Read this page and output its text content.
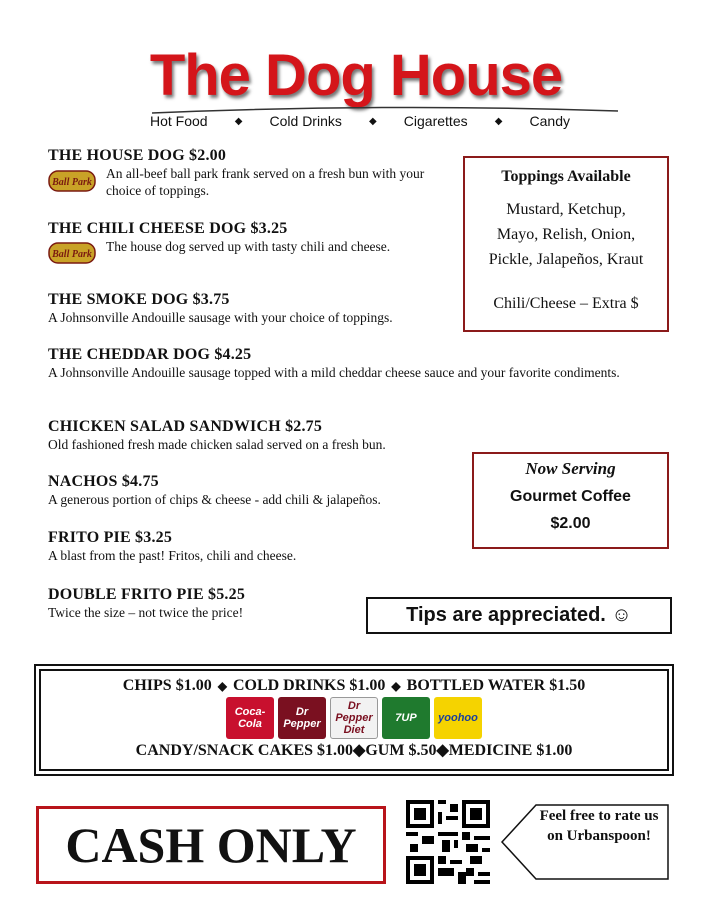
The Dog House
Hot Food	◆ Cold Drinks	◆ Cigarettes	◆ Candy
THE HOUSE DOG $2.00
Ball Park
An all-beef ball park frank served on a fresh bun with your choice of toppings.
THE CHILI CHEESE DOG $3.25
Ball Park
The house dog served up with tasty chili and cheese.
THE SMOKE DOG $3.75
A Johnsonville Andouille sausage with your choice of toppings.
THE CHEDDAR DOG $4.25
A Johnsonville Andouille sausage topped with a mild cheddar cheese sauce and your favorite condiments.
CHICKEN SALAD SANDWICH $2.75
Old fashioned fresh made chicken salad served on a fresh bun.
NACHOS $4.75
A generous portion of chips & cheese - add chili & jalapeños.
FRITO PIE $3.25
A blast from the past! Fritos, chili and cheese.
DOUBLE FRITO PIE $5.25
Twice the size – not twice the price!
Toppings Available
Mustard, Ketchup,
Mayo, Relish, Onion,
Pickle, Jalapeños, Kraut
Chili/Cheese – Extra $
Now Serving
Gourmet Coffee
$2.00
Tips are appreciated. ☺
CHIPS $1.00 ◆ COLD DRINKS $1.00 ◆ BOTTLED WATER $1.50
Coca-Cola
Dr Pepper
Dr Pepper Diet
7UP	yoohoo
CANDY/SNACK CAKES $1.00◆GUM $.50◆MEDICINE $1.00
CASH ONLY
Feel free to rate us on Urbanspoon!
